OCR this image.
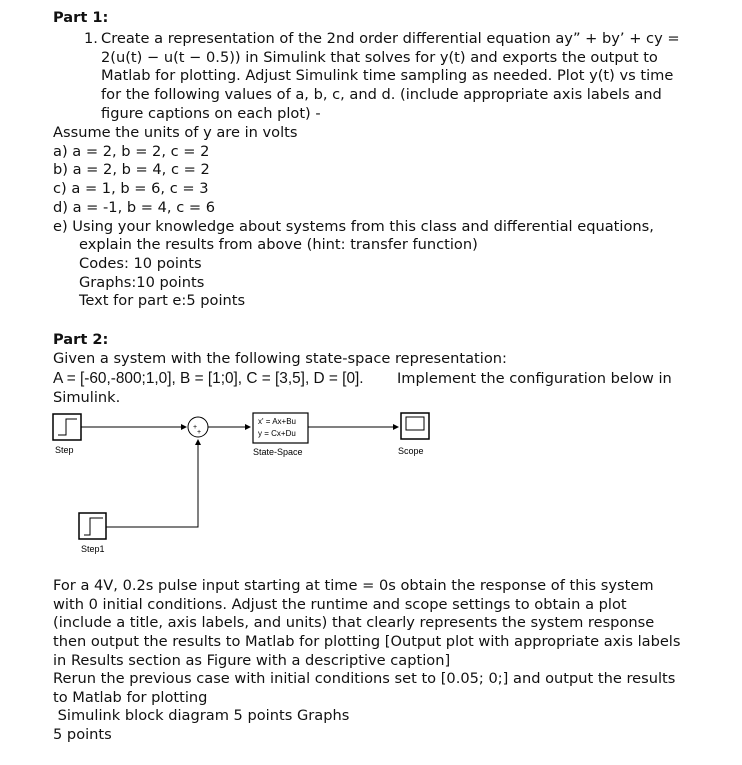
Part 1:
1. Create a representation of the 2nd order differential equation ay” + by’ + cy =
2(u(t) − u(t − 0.5)) in Simulink that solves for y(t) and exports the output to
Matlab for plotting. Adjust Simulink time sampling as needed. Plot y(t) vs time
for the following values of a, b, c, and d. (include appropriate axis labels and
figure captions on each plot) -
Assume the units of y are in volts
a) a = 2, b = 2, c = 2
b) a = 2, b = 4, c = 2
c) a = 1, b = 6, c = 3
d) a = -1, b = 4, c = 6
e) Using your knowledge about systems from this class and differential equations,
explain the results from above (hint: transfer function)
Codes: 10 points
Graphs:10 points
Text for part e:5 points
Part 2:
Given a system with the following state-space representation:
A = [-60,-800;1,0], B = [1;0], C = [3,5], D = [0]. Implement the configuration below in
Simulink.
Step
+
+
x' = Ax+Bu
y = Cx+Du
State-Space	Scope
Step1
For a 4V, 0.2s pulse input starting at time = 0s obtain the response of this system
with 0 initial conditions. Adjust the runtime and scope settings to obtain a plot
(include a title, axis labels, and units) that clearly represents the system response
then output the results to Matlab for plotting [Output plot with appropriate axis labels
in Results section as Figure with a descriptive caption]
Rerun the previous case with initial conditions set to [0.05; 0;] and output the results
to Matlab for plotting
Simulink block diagram 5 points Graphs
5 points
